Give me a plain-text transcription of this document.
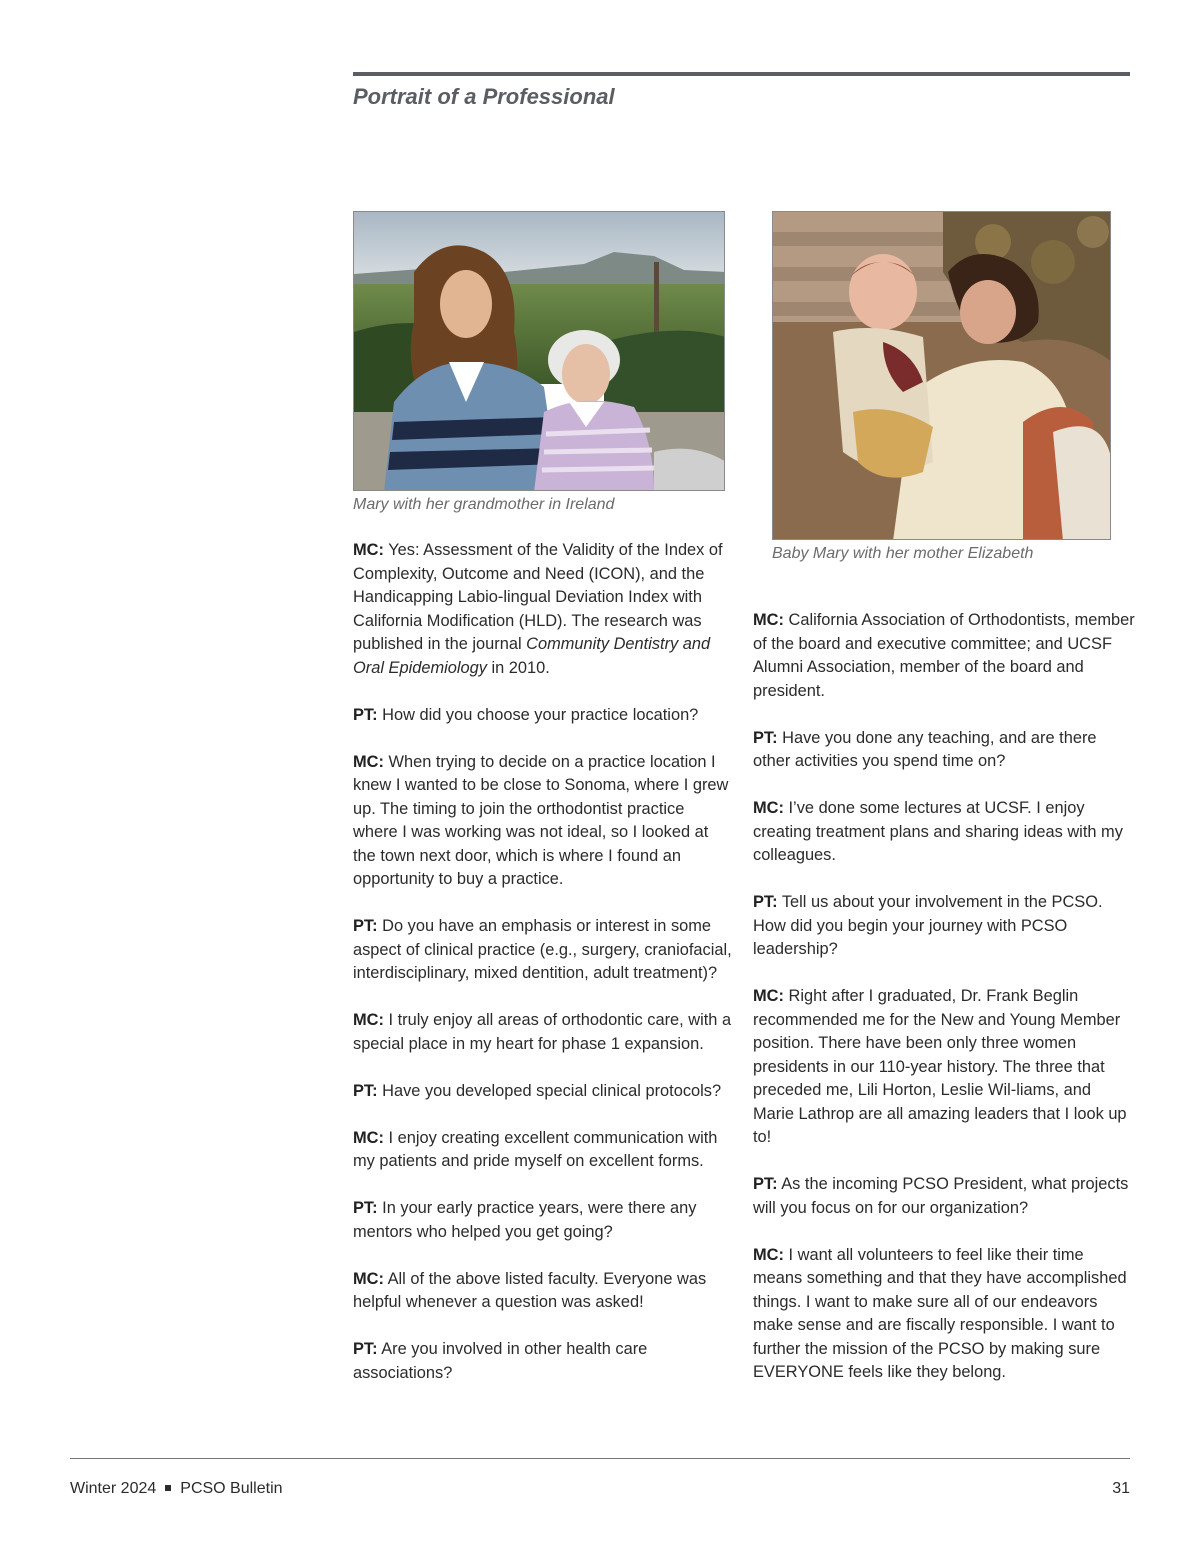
Portrait of a Professional

Mary with her grandmother in Ireland

Baby Mary with her mother Elizabeth

MC: Yes: Assessment of the Validity of the Index of Complexity, Outcome and Need (ICON), and the Handicapping Labio-lingual Deviation Index with California Modification (HLD). The research was published in the journal Community Dentistry and Oral Epidemiology in 2010.

PT: How did you choose your practice location?

MC: When trying to decide on a practice location I knew I wanted to be close to Sonoma, where I grew up. The timing to join the orthodontist practice where I was working was not ideal, so I looked at the town next door, which is where I found an opportunity to buy a practice.

PT: Do you have an emphasis or interest in some aspect of clinical practice (e.g., surgery, craniofacial, interdisciplinary, mixed dentition, adult treatment)?

MC: I truly enjoy all areas of orthodontic care, with a special place in my heart for phase 1 expansion.

PT: Have you developed special clinical protocols?

MC: I enjoy creating excellent communication with my patients and pride myself on excellent forms.

PT: In your early practice years, were there any mentors who helped you get going?

MC: All of the above listed faculty. Everyone was helpful whenever a question was asked!

PT: Are you involved in other health care associations?

MC: California Association of Orthodontists, member of the board and executive committee; and UCSF Alumni Association, member of the board and president.

PT: Have you done any teaching, and are there other activities you spend time on?

MC: I’ve done some lectures at UCSF. I enjoy creating treatment plans and sharing ideas with my colleagues.

PT: Tell us about your involvement in the PCSO. How did you begin your journey with PCSO leadership?

MC: Right after I graduated, Dr. Frank Beglin recommended me for the New and Young Member position. There have been only three women presidents in our 110-year history. The three that preceded me, Lili Horton, Leslie Wil-liams, and Marie Lathrop are all amazing leaders that I look up to!

PT: As the incoming PCSO President, what projects will you focus on for our organization?

MC: I want all volunteers to feel like their time means something and that they have accomplished things. I want to make sure all of our endeavors make sense and are fiscally responsible. I want to further the mission of the PCSO by making sure EVERYONE feels like they belong.

Winter 2024 PCSO Bulletin	31
